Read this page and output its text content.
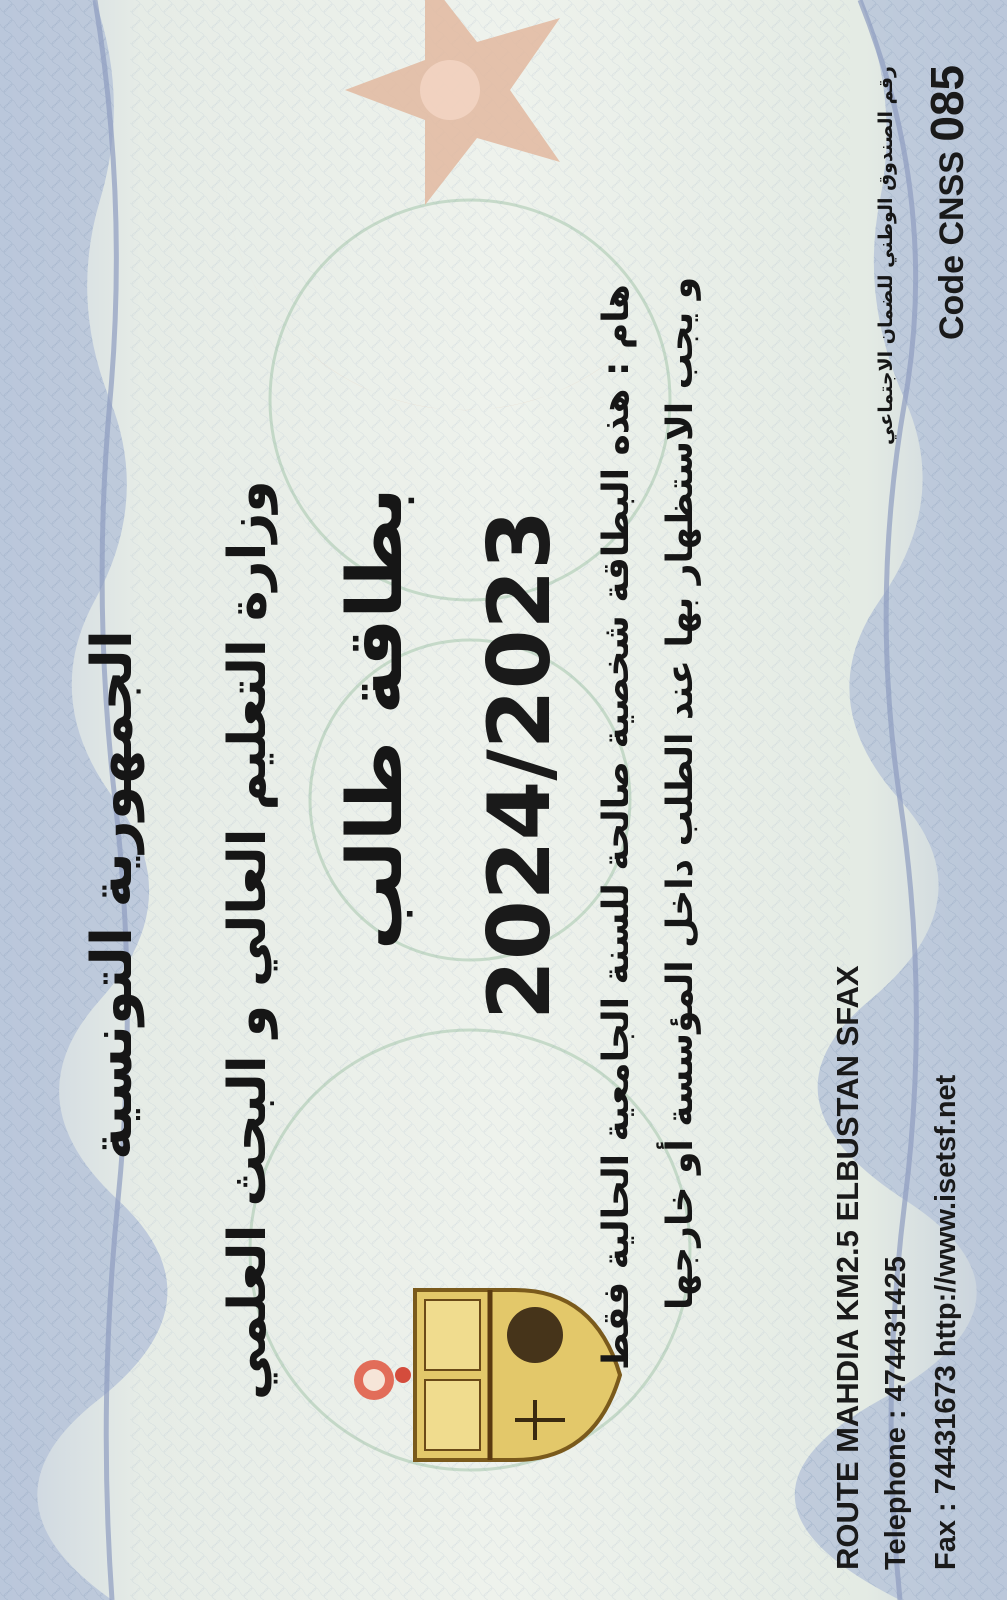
الجمهورية التونسية وزارة التعليم العالي و البحث العلمي بطاقة طالب 2024/2023 هام : هذه البطاقة شخصية صالحة للسنة الجامعية الحالية فقط و يجب الاستظهار بها عند الطلب داخل المؤسسة أو خارجها
رقم الصندوق الوطني للضمان الاجتماعي	Code CNSS 085
ROUTE MAHDIA KM2.5 ELBUSTAN SFAX Telephone : 474431425 Fax : 74431673 http://www.isetsf.net
